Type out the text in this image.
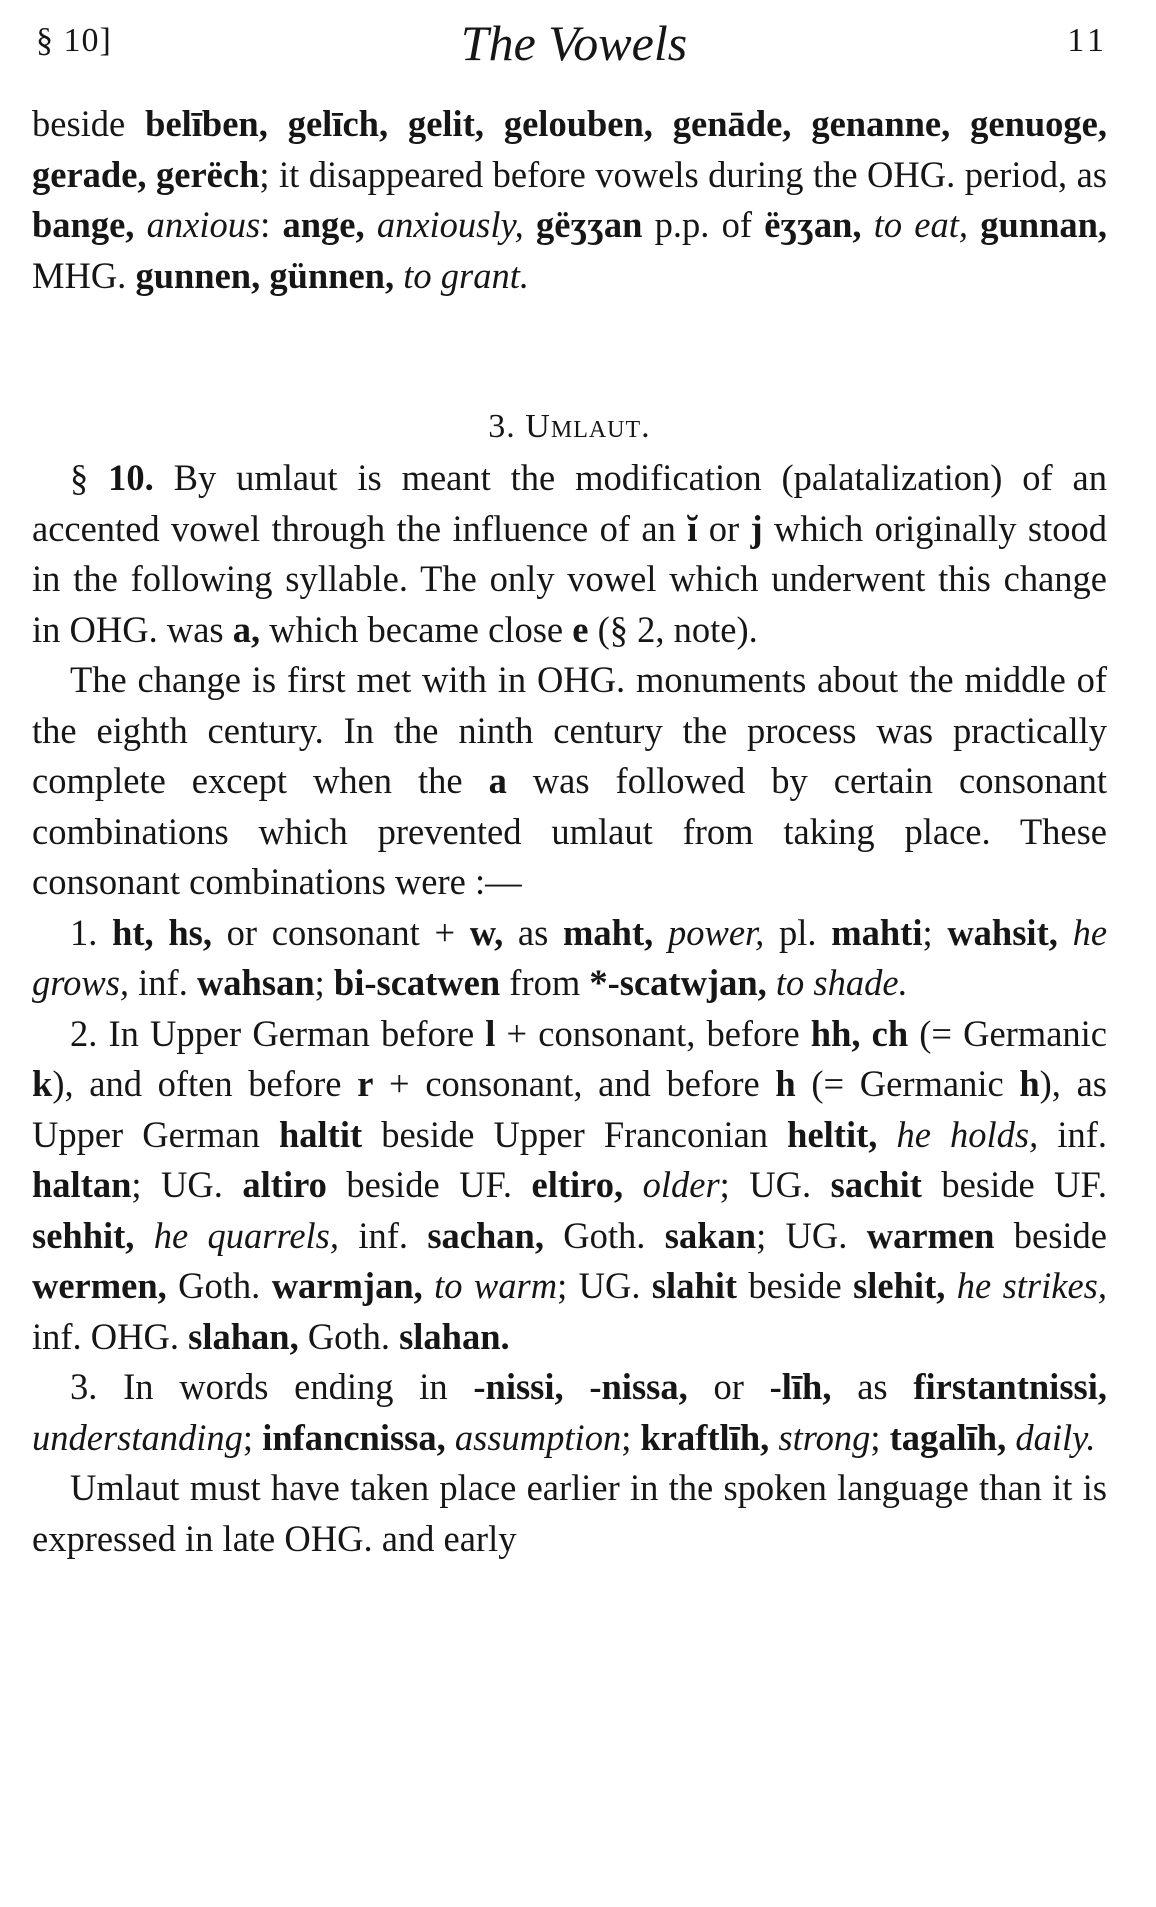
§ 10]	The Vowels	11

beside belīben, gelīch, gelit, gelouben, genāde, genanne, genuoge, gerade, gerëch; it disappeared before vowels during the OHG. period, as bange, anxious: ange, anxiously, gëʒʒan p.p. of ëʒʒan, to eat, gunnan, MHG. gunnen, günnen, to grant.

3. Umlaut.

§ 10. By umlaut is meant the modification (palatalization) of an accented vowel through the influence of an ĭ or j which originally stood in the following syllable. The only vowel which underwent this change in OHG. was a, which became close e (§ 2, note).

The change is first met with in OHG. monuments about the middle of the eighth century. In the ninth century the process was practically complete except when the a was followed by certain consonant combinations which prevented umlaut from taking place. These consonant combinations were :—

1. ht, hs, or consonant + w, as maht, power, pl. mahti; wahsit, he grows, inf. wahsan; bi-scatwen from *-scatwjan, to shade.

2. In Upper German before l + consonant, before hh, ch (= Germanic k), and often before r + consonant, and before h (= Germanic h), as Upper German haltit beside Upper Franconian heltit, he holds, inf. haltan; UG. altiro beside UF. eltiro, older; UG. sachit beside UF. sehhit, he quarrels, inf. sachan, Goth. sakan; UG. warmen beside wermen, Goth. warmjan, to warm; UG. slahit beside slehit, he strikes, inf. OHG. slahan, Goth. slahan.

3. In words ending in -nissi, -nissa, or -līh, as firstantnissi, understanding; infancnissa, assumption; kraftlīh, strong; tagalīh, daily.

Umlaut must have taken place earlier in the spoken language than it is expressed in late OHG. and early
